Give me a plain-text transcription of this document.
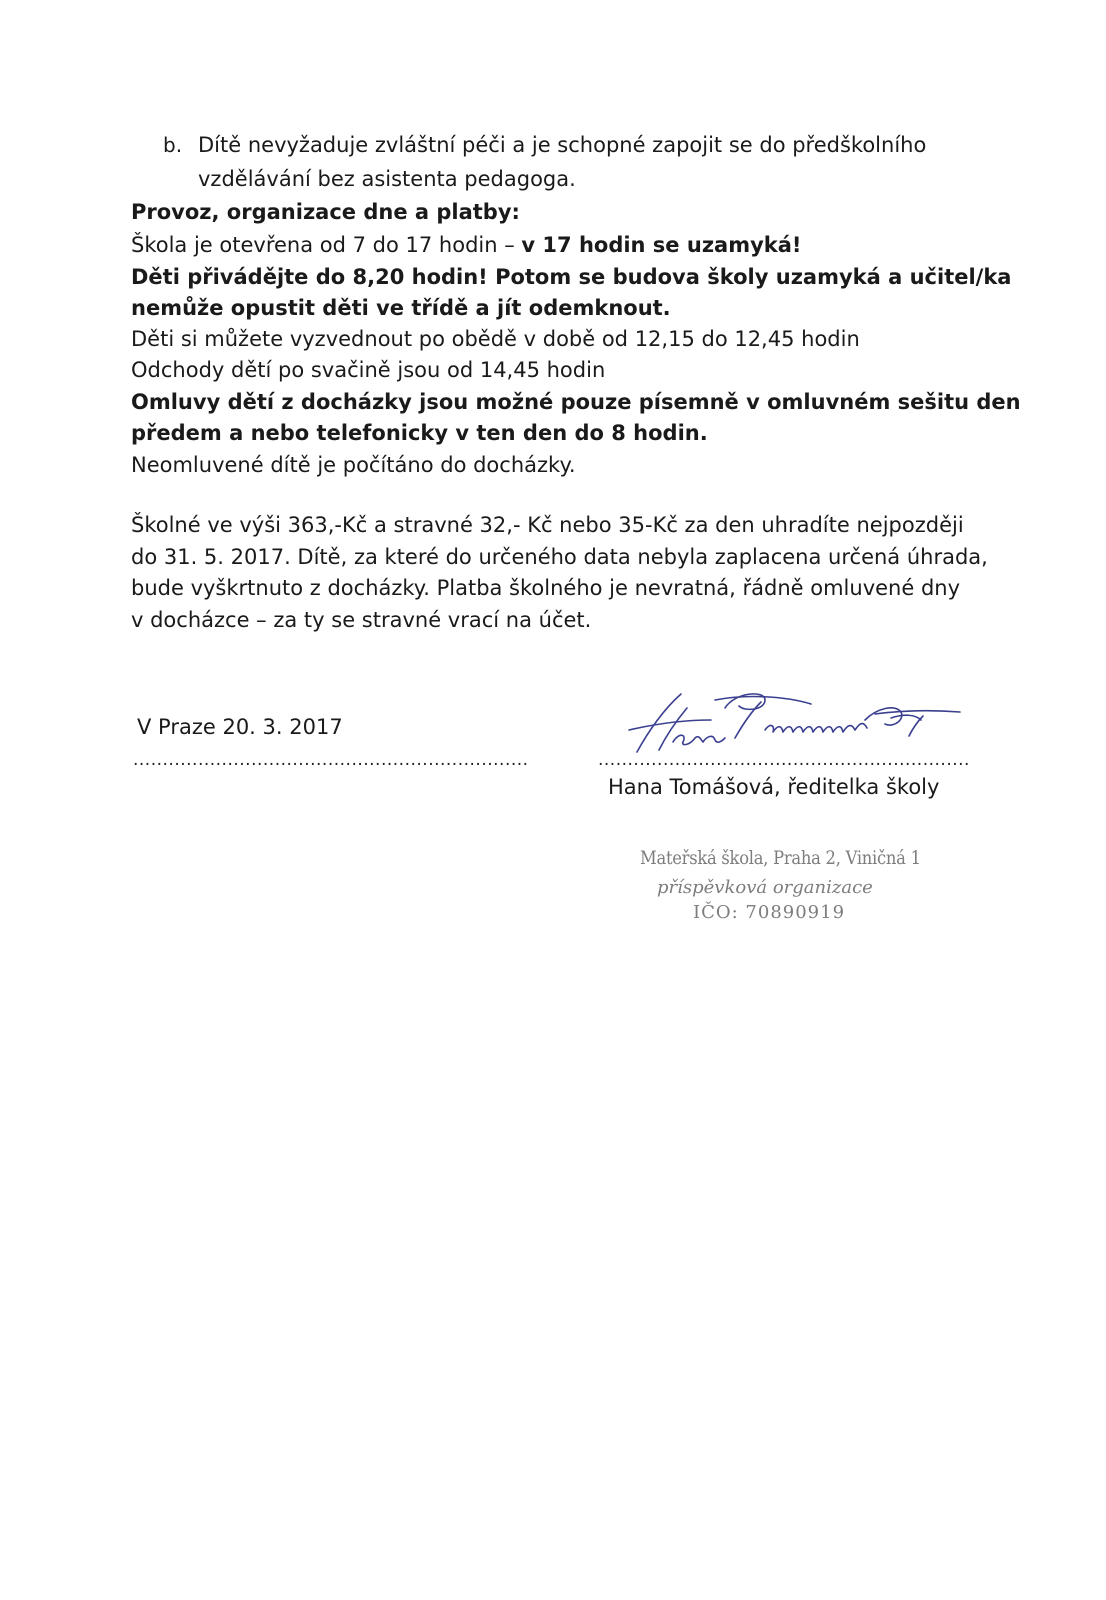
b. Dítě nevyžaduje zvláštní péči a je schopné zapojit se do předškolního
vzdělávání bez asistenta pedagoga.
Provoz, organizace dne a platby:
Škola je otevřena od 7 do 17 hodin – v 17 hodin se uzamyká!
Děti přivádějte do 8,20 hodin! Potom se budova školy uzamyká a učitel/ka
nemůže opustit děti ve třídě a jít odemknout.
Děti si můžete vyzvednout po obědě v době od 12,15 do 12,45 hodin
Odchody dětí po svačině jsou od 14,45 hodin
Omluvy dětí z docházky jsou možné pouze písemně v omluvném sešitu den
předem a nebo telefonicky v ten den do 8 hodin.
Neomluvené dítě je počítáno do docházky.
Školné ve výši 363,-Kč a stravné 32,- Kč nebo 35-Kč za den uhradíte nejpozději
do 31. 5. 2017. Dítě, za které do určeného data nebyla zaplacena určená úhrada,
bude vyškrtnuto z docházky. Platba školného je nevratná, řádně omluvené dny
v docházce – za ty se stravné vrací na účet.
V Praze 20. 3. 2017
...................................................................	...............................................................
Hana Tomášová, ředitelka školy
Mateřská škola, Praha 2, Viničná 1
příspěvková organizace
IČO: 70890919
